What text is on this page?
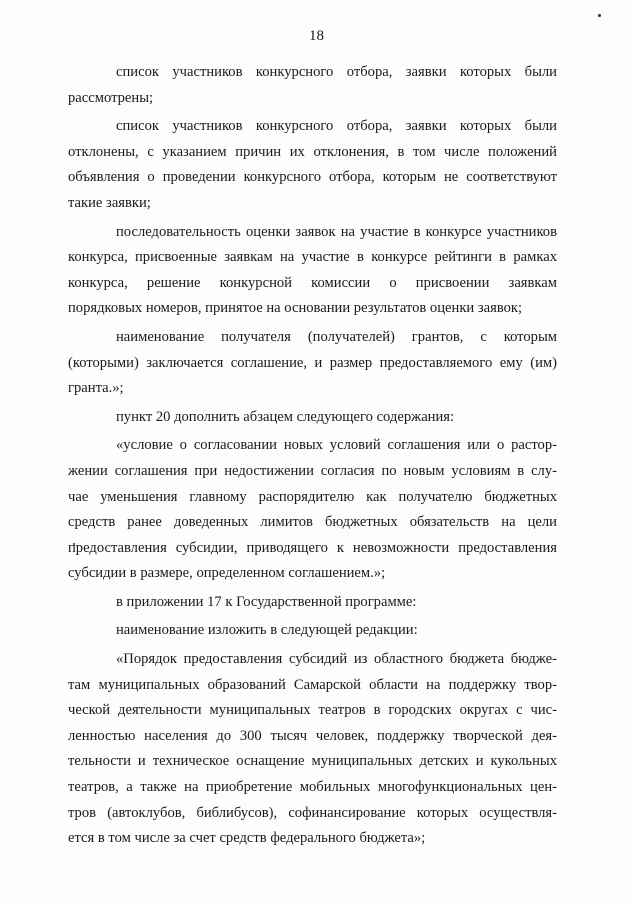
18
список участников конкурсного отбора, заявки которых были
рассмотрены;
список участников конкурсного отбора, заявки которых были
отклонены, с указанием причин их отклонения, в том числе положений
объявления о проведении конкурсного отбора, которым не соответствуют
такие заявки;
последовательность оценки заявок на участие в конкурсе участников
конкурса, присвоенные заявкам на участие в конкурсе рейтинги в рамках
конкурса, решение конкурсной комиссии о присвоении заявкам
порядковых номеров, принятое на основании результатов оценки заявок;
наименование получателя (получателей) грантов, с которым
(которыми) заключается соглашение, и размер предоставляемого ему (им)
гранта.»;
пункт 20 дополнить абзацем следующего содержания:
«условие о согласовании новых условий соглашения или о растор-
жении соглашения при недостижении согласия по новым условиям в слу-
чае уменьшения главному распорядителю как получателю бюджетных
средств ранее доведенных лимитов бюджетных обязательств на цели
предоставления субсидии, приводящего к невозможности предоставления
субсидии в размере, определенном соглашением.»;
в приложении 17 к Государственной программе:
наименование изложить в следующей редакции:
«Порядок предоставления субсидий из областного бюджета бюдже-
там муниципальных образований Самарской области на поддержку твор-
ческой деятельности муниципальных театров в городских округах с чис-
ленностью населения до 300 тысяч человек, поддержку творческой дея-
тельности и техническое оснащение муниципальных детских и кукольных
театров, а также на приобретение мобильных многофункциональных цен-
тров (автоклубов, библибусов), софинансирование которых осуществля-
ется в том числе за счет средств федерального бюджета»;
